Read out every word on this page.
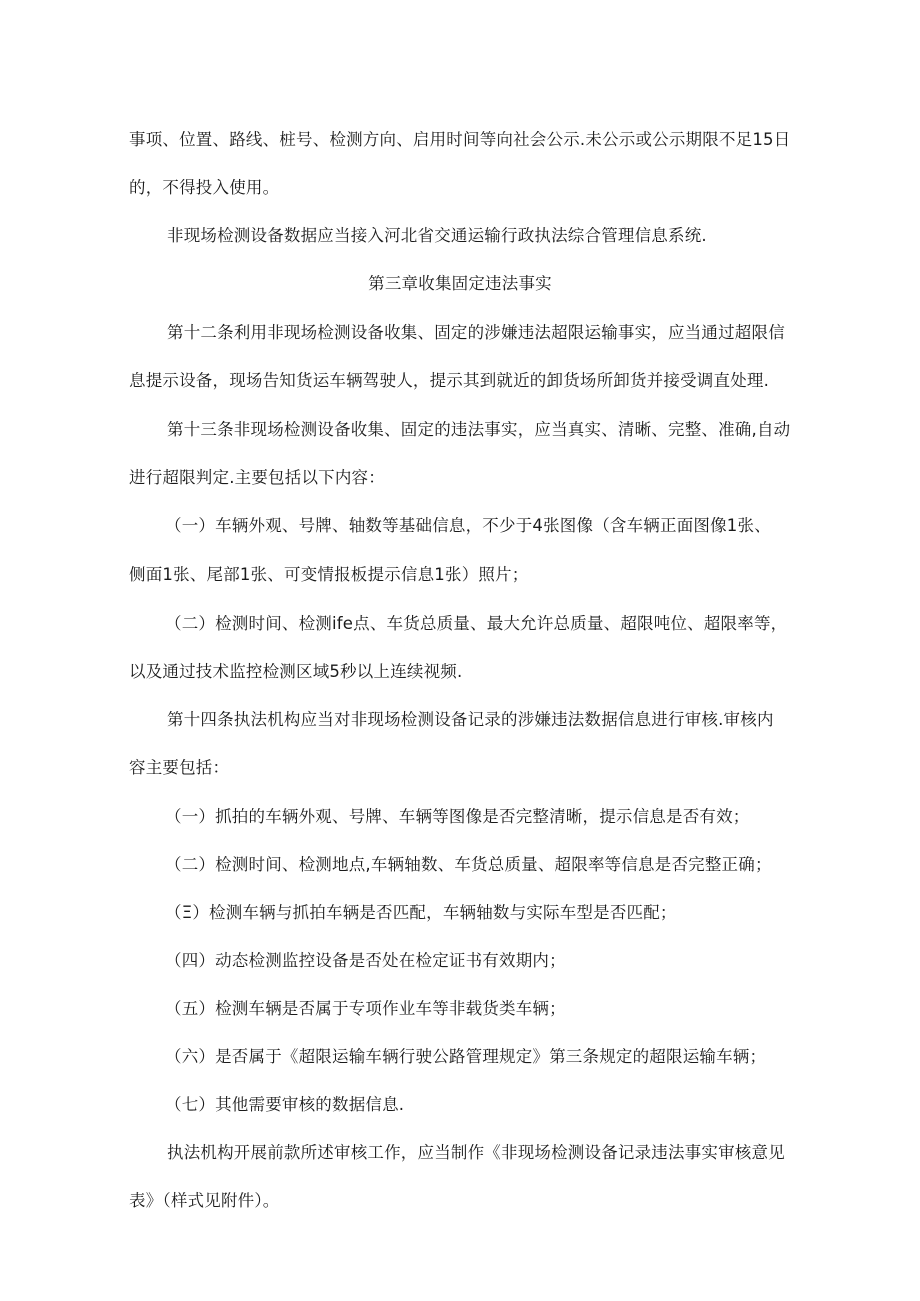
事项、位置、路线、桩号、检测方向、启用时间等向社会公示.未公示或公示期限不足15日
的，不得投入使用。
非现场检测设备数据应当接入河北省交通运输行政执法综合管理信息系统.
第三章收集固定违法事实
第十二条利用非现场检测设备收集、固定的涉嫌违法超限运输事实，应当通过超限信
息提示设备，现场告知货运车辆驾驶人，提示其到就近的卸货场所卸货并接受调直处理.
第十三条非现场检测设备收集、固定的违法事实，应当真实、清晰、完整、准确,自动
进行超限判定.主要包括以下内容：
（一）车辆外观、号牌、轴数等基础信息，不少于4张图像（含车辆正面图像1张、
侧面1张、尾部1张、可变情报板提示信息1张）照片；
（二）检测时间、检测ife点、车货总质量、最大允许总质量、超限吨位、超限率等，
以及通过技术监控检测区域5秒以上连续视频.
第十四条执法机构应当对非现场检测设备记录的涉嫌违法数据信息进行审核.审核内
容主要包括：
（一）抓拍的车辆外观、号牌、车辆等图像是否完整清晰，提示信息是否有效；
（二）检测时间、检测地点,车辆轴数、车货总质量、超限率等信息是否完整正确；
（Ξ）检测车辆与抓拍车辆是否匹配，车辆轴数与实际车型是否匹配；
（四）动态检测监控设备是否处在检定证书有效期内；
（五）检测车辆是否属于专项作业车等非载货类车辆；
（六）是否属于《超限运输车辆行驶公路管理规定》第三条规定的超限运输车辆；
（七）其他需要审核的数据信息.
执法机构开展前款所述审核工作，应当制作《非现场检测设备记录违法事实审核意见
表》（样式见附件）。
